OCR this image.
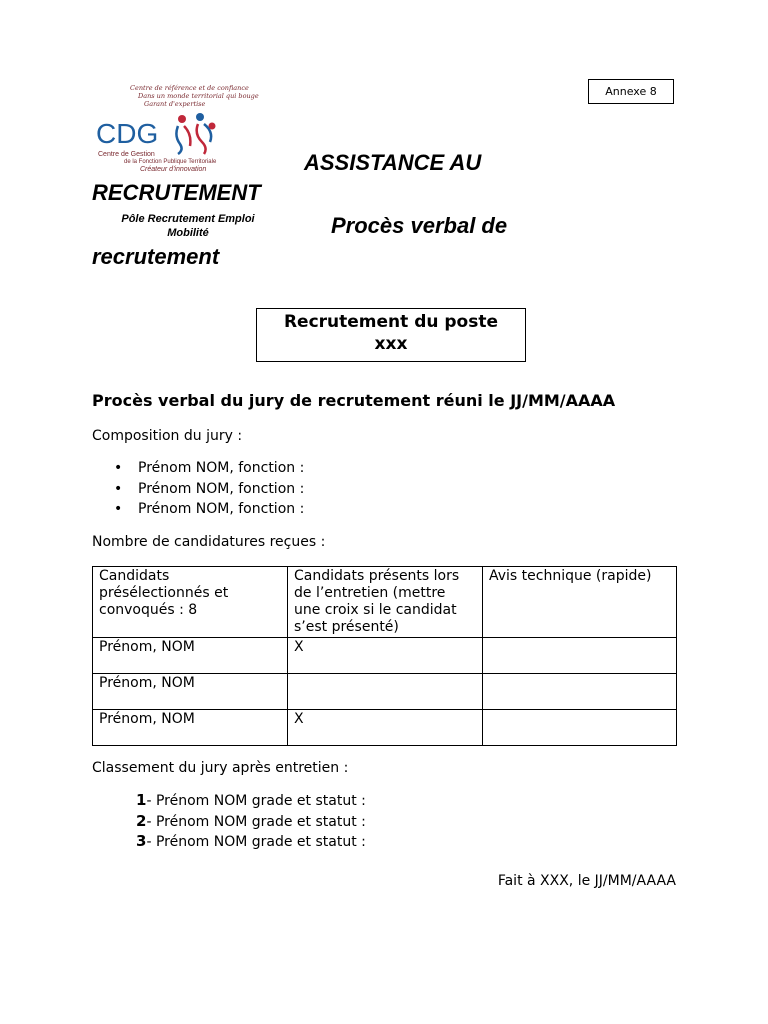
Annexe 8
Centre de référence et de confiance
Dans un monde territorial qui bouge
Garant d'expertise
CDG
Centre de Gestion
de la Fonction Publique Territoriale
Créateur d'innovation	ASSISTANCE AU
RECRUTEMENT
Pôle Recrutement Emploi Mobilité	Procès verbal de
recrutement
Recrutement du poste
xxx
Procès verbal du jury de recrutement réuni le JJ/MM/AAAA
Composition du jury :
• Prénom NOM, fonction :
• Prénom NOM, fonction :
• Prénom NOM, fonction :
Nombre de candidatures reçues :
Candidats présélectionnés et convoqués : 8	Candidats présents lors de l’entretien (mettre une croix si le candidat s’est présenté)	Avis technique (rapide)
Prénom, NOM	X	
Prénom, NOM		
Prénom, NOM	X	
Classement du jury après entretien :
1- Prénom NOM grade et statut :
2- Prénom NOM grade et statut :
3- Prénom NOM grade et statut :
Fait à XXX, le JJ/MM/AAAA
